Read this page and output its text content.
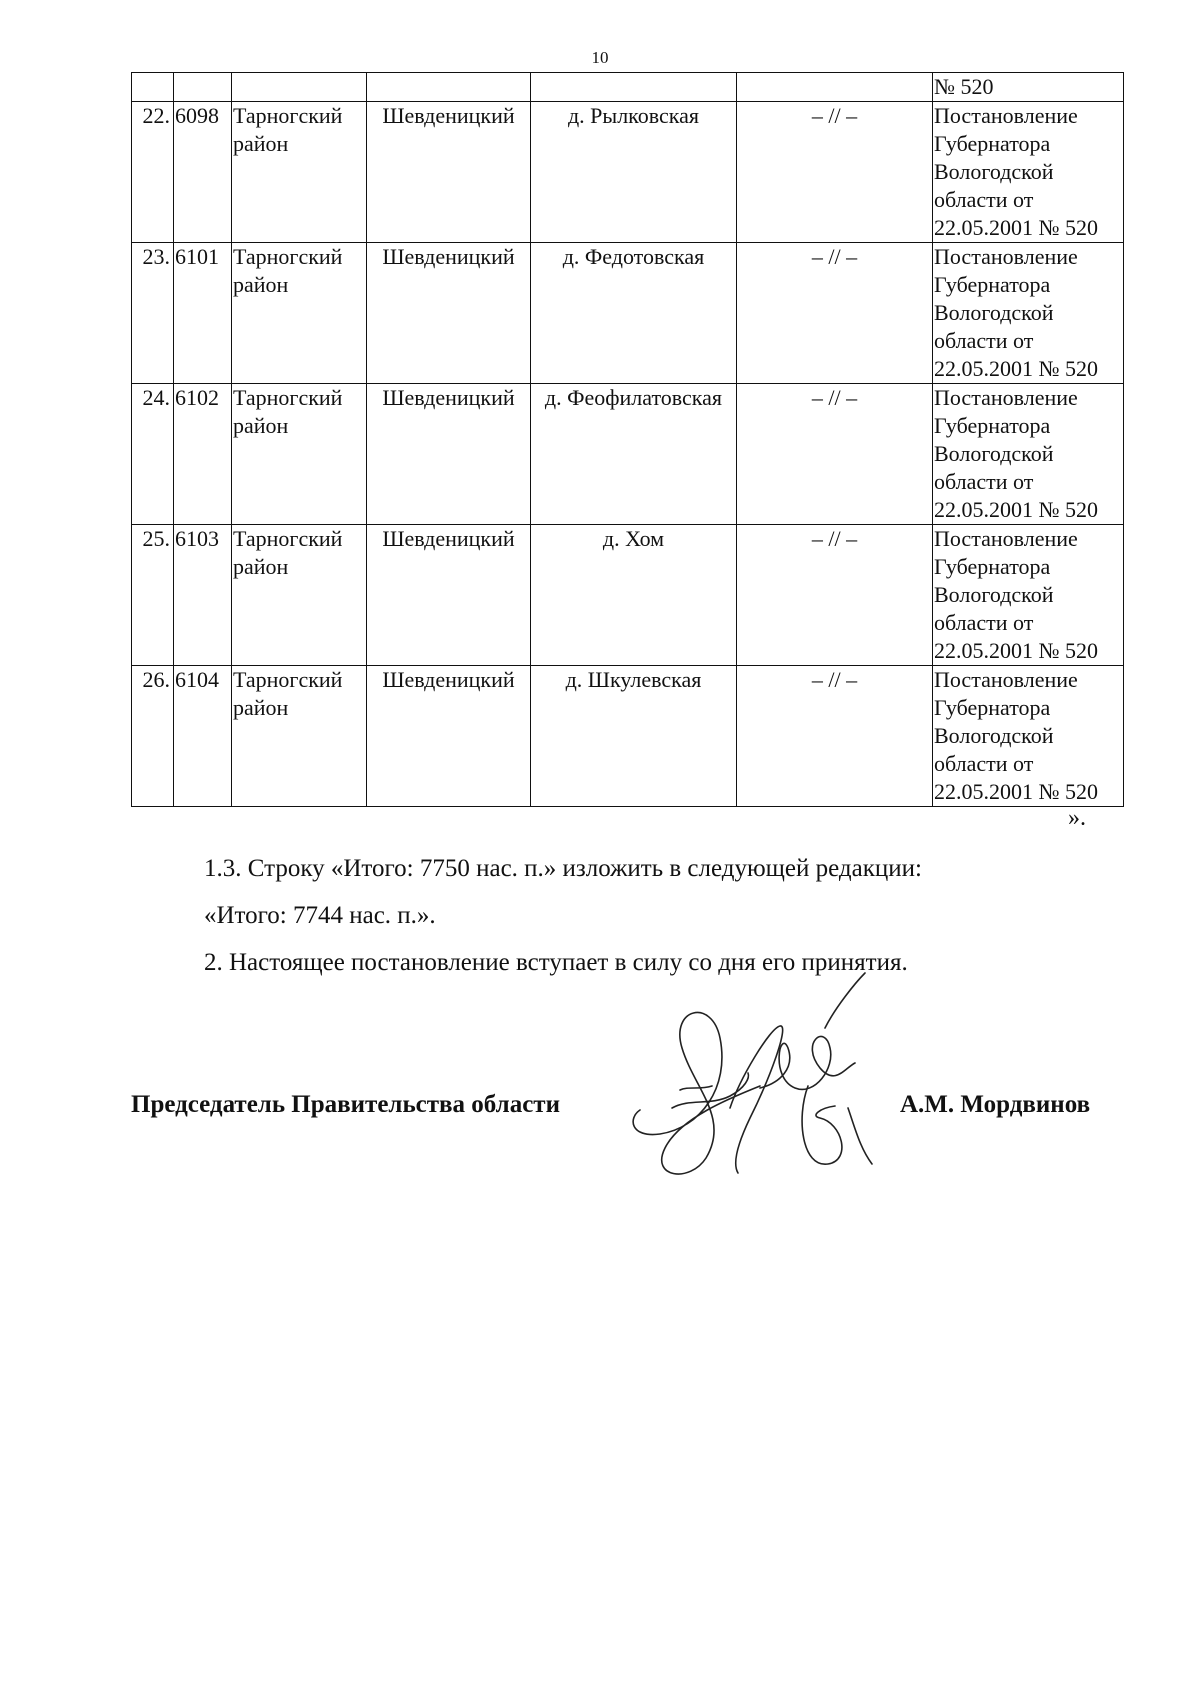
10
						№ 520
22.	6098	Тарногский район	Шевденицкий	д. Рылковская	– // –	Постановление Губернатора Вологодской области от 22.05.2001 № 520
23.	6101	Тарногский район	Шевденицкий	д. Федотовская	– // –	Постановление Губернатора Вологодской области от 22.05.2001 № 520
24.	6102	Тарногский район	Шевденицкий	д. Феофилатовская	– // –	Постановление Губернатора Вологодской области от 22.05.2001 № 520
25.	6103	Тарногский район	Шевденицкий	д. Хом	– // –	Постановление Губернатора Вологодской области от 22.05.2001 № 520
26.	6104	Тарногский район	Шевденицкий	д. Шкулевская	– // –	Постановление Губернатора Вологодской области от 22.05.2001 № 520
».
1.3. Строку «Итого: 7750 нас. п.» изложить в следующей редакции:
«Итого: 7744 нас. п.».
2. Настоящее постановление вступает в силу со дня его принятия.
Председатель Правительства области	А.М. Мордвинов
